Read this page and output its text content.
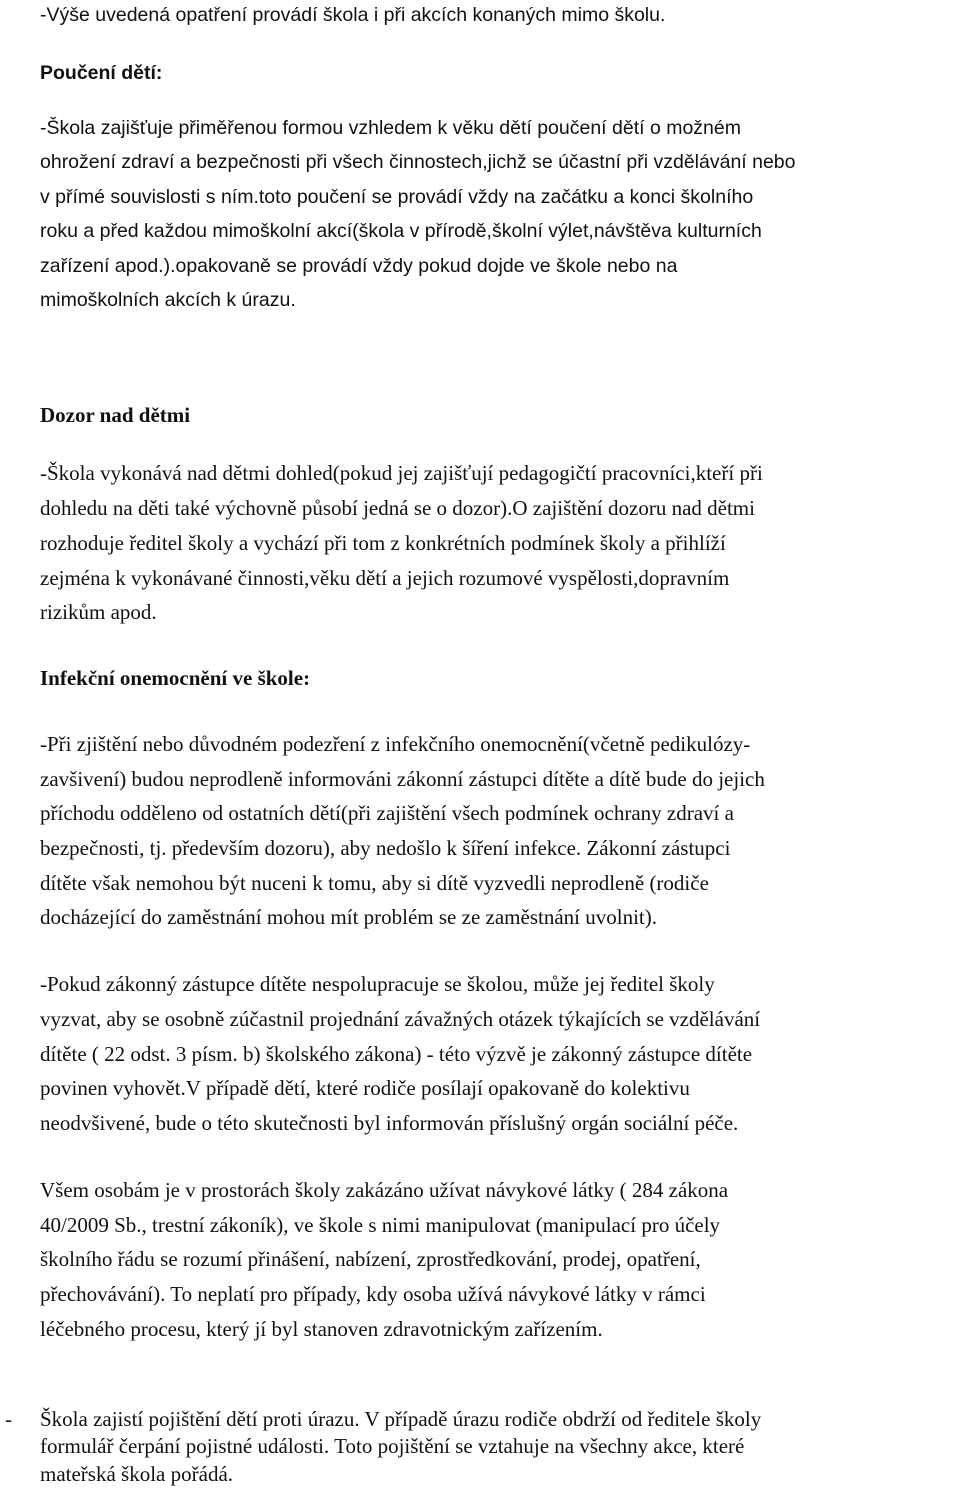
-Výše uvedená opatření provádí škola i při akcích konaných mimo školu.
Poučení dětí:
-Škola zajišťuje přiměřenou formou vzhledem k věku dětí poučení dětí o možném
ohrožení zdraví a bezpečnosti při všech činnostech,jichž se účastní při vzdělávání nebo
v přímé souvislosti s ním.toto poučení se provádí vždy na začátku a konci školního
roku a před každou mimoškolní akcí(škola v přírodě,školní výlet,návštěva kulturních
zařízení apod.).opakovaně se provádí vždy pokud dojde ve škole nebo na
mimoškolních akcích k úrazu.
Dozor nad dětmi
-Škola vykonává nad dětmi dohled(pokud jej zajišťují pedagogičtí pracovníci,kteří při
dohledu na děti také výchovně působí jedná se o dozor).O zajištění dozoru nad dětmi
rozhoduje ředitel školy a vychází při tom z konkrétních podmínek školy a přihlíží
zejména k vykonávané činnosti,věku dětí a jejich rozumové vyspělosti,dopravním
rizikům apod.
Infekční onemocnění ve škole:
-Při zjištění nebo důvodném podezření z infekčního onemocnění(včetně pedikulózy-
zavšivení) budou neprodleně informováni zákonní zástupci dítěte a dítě bude do jejich
příchodu odděleno od ostatních dětí(při zajištění všech podmínek ochrany zdraví a
bezpečnosti, tj. především dozoru), aby nedošlo k šíření infekce. Zákonní zástupci
dítěte však nemohou být nuceni k tomu, aby si dítě vyzvedli neprodleně (rodiče
docházející do zaměstnání mohou mít problém se ze zaměstnání uvolnit).
-Pokud zákonný zástupce dítěte nespolupracuje se školou, může jej ředitel školy
vyzvat, aby se osobně zúčastnil projednání závažných otázek týkajících se vzdělávání
dítěte ( 22 odst. 3 písm. b) školského zákona) - této výzvě je zákonný zástupce dítěte
povinen vyhovět.V případě dětí, které rodiče posílají opakovaně do kolektivu
neodvšivené, bude o této skutečnosti byl informován příslušný orgán sociální péče.
Všem osobám je v prostorách školy zakázáno užívat návykové látky ( 284 zákona
40/2009 Sb., trestní zákoník), ve škole s nimi manipulovat (manipulací pro účely
školního řádu se rozumí přinášení, nabízení, zprostředkování, prodej, opatření,
přechovávání). To neplatí pro případy, kdy osoba užívá návykové látky v rámci
léčebného procesu, který jí byl stanoven zdravotnickým zařízením.
- Škola zajistí pojištění dětí proti úrazu. V případě úrazu rodiče obdrží od ředitele školy
formulář čerpání pojistné události. Toto pojištění se vztahuje na všechny akce, které
mateřská škola pořádá.
